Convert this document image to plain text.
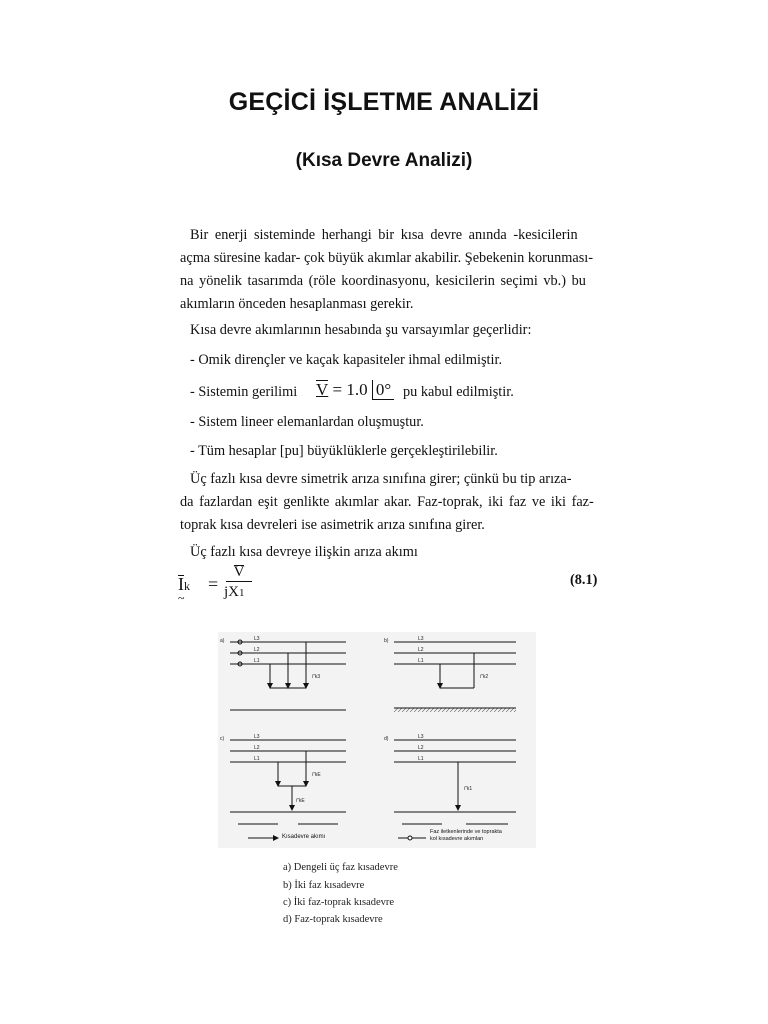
GEÇİCİ İŞLETME ANALİZİ
(Kısa Devre Analizi)
Bir enerji sisteminde herhangi bir kısa devre anında -kesicilerin
açma süresine kadar- çok büyük akımlar akabilir. Şebekenin korunması-
na yönelik tasarımda (röle koordinasyonu, kesicilerin seçimi vb.) bu
akımların önceden hesaplanması gerekir.
Kısa devre akımlarının hesabında şu varsayımlar geçerlidir:
- Omik dirençler ve kaçak kapasiteler ihmal edilmiştir.
- Sistemin gerilimi V = 1.0 0° pu kabul edilmiştir.
- Sistem lineer elemanlardan oluşmuştur.
- Tüm hesaplar [pu] büyüklüklerle gerçekleştirilebilir.
Üç fazlı kısa devre simetrik arıza sınıfına girer; çünkü bu tip arıza-
da fazlardan eşit genlikte akımlar akar. Faz-toprak, iki faz ve iki faz-
toprak kısa devreleri ise asimetrik arıza sınıfına girer.
Üç fazlı kısa devreye ilişkin arıza akımı
Ik
~
=
V
jX1
(8.1)
a)	L3
L2
L1
i"k3
b)	L3
L2
L1
i"k2
c)	L3
L2
L1
i"kE
i"kE
d)	L3
L2
L1
i"k1
Kısadevre akımı
Faz iletkenlerinde ve toprakta
kol kısadevre akımları
a) Dengeli üç faz kısadevre
b) İki faz kısadevre
c) İki faz-toprak kısadevre
d) Faz-toprak kısadevre
